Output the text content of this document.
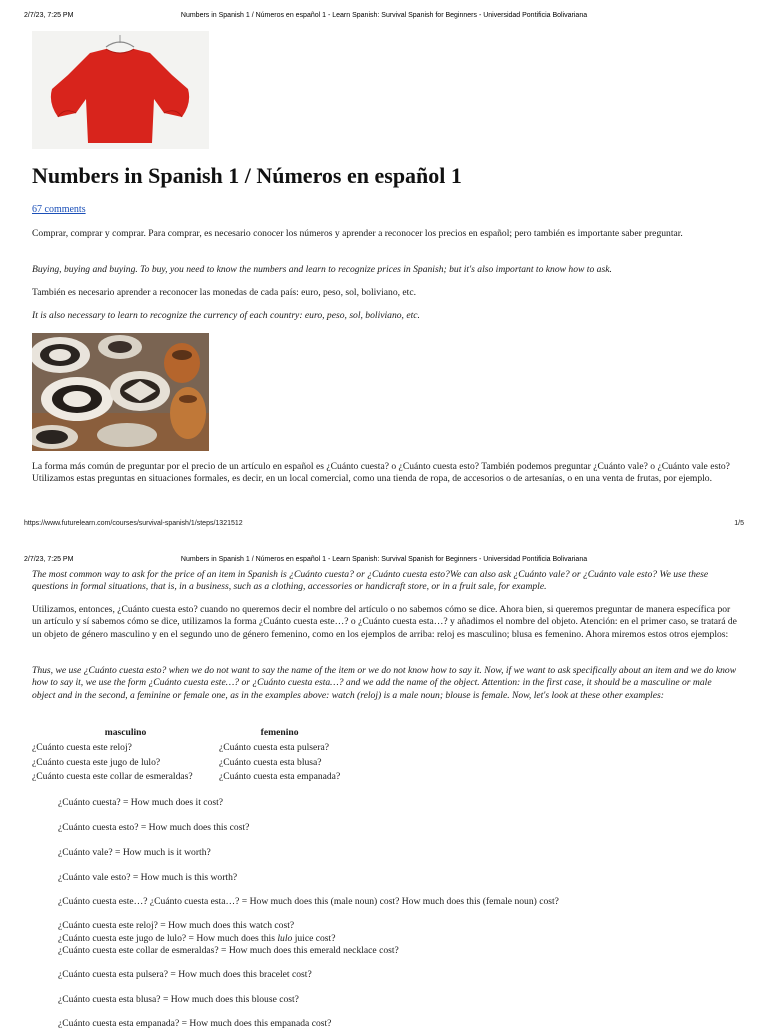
2/7/23, 7:25 PM	Numbers in Spanish 1 / Números en español 1 - Learn Spanish: Survival Spanish for Beginners - Universidad Pontificia Bolivariana
Numbers in Spanish 1 / Números en español 1
67 comments

Comprar, comprar y comprar. Para comprar, es necesario conocer los números y aprender a reconocer los precios en español; pero también es importante saber preguntar.

Buying, buying and buying. To buy, you need to know the numbers and learn to recognize prices in Spanish; but it's also important to know how to ask.

También es necesario aprender a reconocer las monedas de cada país: euro, peso, sol, boliviano, etc.

It is also necessary to learn to recognize the currency of each country: euro, peso, sol, boliviano, etc.

La forma más común de preguntar por el precio de un artículo en español es ¿Cuánto cuesta? o ¿Cuánto cuesta esto? También podemos preguntar ¿Cuánto vale? o ¿Cuánto vale esto? Utilizamos estas preguntas en situaciones formales, es decir, en un local comercial, como una tienda de ropa, de accesorios o de artesanías, o en una venta de frutas, por ejemplo.

https://www.futurelearn.com/courses/survival-spanish/1/steps/1321512	1/5
2/7/23, 7:25 PM	Numbers in Spanish 1 / Números en español 1 - Learn Spanish: Survival Spanish for Beginners - Universidad Pontificia Bolivariana

The most common way to ask for the price of an item in Spanish is ¿Cuánto cuesta? or ¿Cuánto cuesta esto?We can also ask ¿Cuánto vale? or ¿Cuánto vale esto? We use these questions in formal situations, that is, in a business, such as a clothing, accessories or handicraft store, or in a fruit sale, for example.

Utilizamos, entonces, ¿Cuánto cuesta esto? cuando no queremos decir el nombre del artículo o no sabemos cómo se dice. Ahora bien, si queremos preguntar de manera específica por un artículo y sí sabemos cómo se dice, utilizamos la forma ¿Cuánto cuesta este…? o ¿Cuánto cuesta esta…? y añadimos el nombre del objeto. Atención: en el primer caso, se tratará de un objeto de género masculino y en el segundo uno de género femenino, como en los ejemplos de arriba: reloj es masculino; blusa es femenino. Ahora miremos estos otros ejemplos:

Thus, we use ¿Cuánto cuesta esto? when we do not want to say the name of the item or we do not know how to say it. Now, if we want to ask specifically about an item and we do know how to say it, we use the form ¿Cuánto cuesta este…? or ¿Cuánto cuesta esta…? and we add the name of the object. Attention: in the first case, it should be a masculine or male object and in the second, a feminine or female one, as in the examples above: watch (reloj) is a male noun; blouse is female. Now, let's look at these other examples:

masculino	femenino
¿Cuánto cuesta este reloj?	¿Cuánto cuesta esta pulsera?
¿Cuánto cuesta este jugo de lulo?	¿Cuánto cuesta esta blusa?
¿Cuánto cuesta este collar de esmeraldas?	¿Cuánto cuesta esta empanada?

¿Cuánto cuesta? = How much does it cost?

¿Cuánto cuesta esto? = How much does this cost?

¿Cuánto vale? = How much is it worth?

¿Cuánto vale esto? = How much is this worth?

¿Cuánto cuesta este…? ¿Cuánto cuesta esta…? = How much does this (male noun) cost? How much does this (female noun) cost?

¿Cuánto cuesta este reloj? = How much does this watch cost?

¿Cuánto cuesta este jugo de lulo? = How much does this lulo juice cost?

¿Cuánto cuesta este collar de esmeraldas? = How much does this emerald necklace cost?

¿Cuánto cuesta esta pulsera? = How much does this bracelet cost?

¿Cuánto cuesta esta blusa? = How much does this blouse cost?

¿Cuánto cuesta esta empanada? = How much does this empanada cost?
